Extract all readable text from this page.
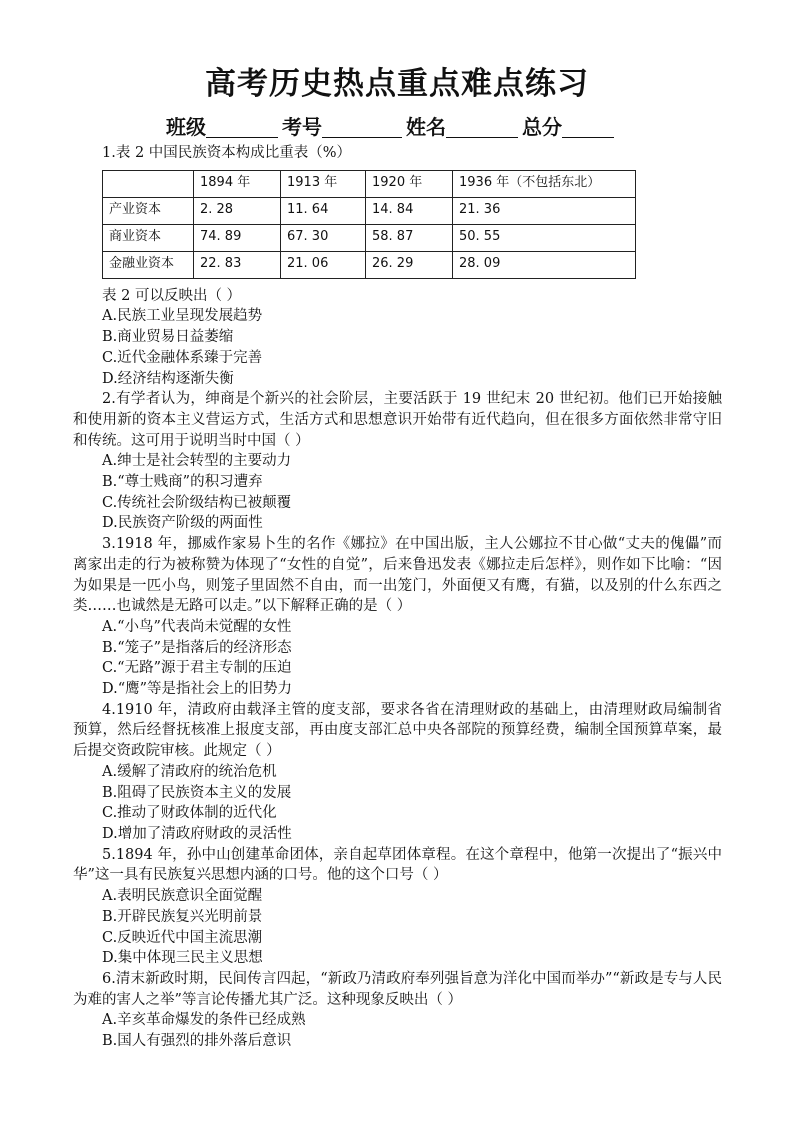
高考历史热点重点难点练习
班级	考号	姓名	总分

1.表 2 中国民族资本构成比重表（%）

	1894 年	1913 年	1920 年	1936 年（不包括东北）
产业资本	2. 28	11. 64	14. 84	21. 36
商业资本	74. 89	67. 30	58. 87	50. 55
金融业资本	22. 83	21. 06	26. 29	28. 09

表 2 可以反映出（ ）

A.民族工业呈现发展趋势

B.商业贸易日益萎缩

C.近代金融体系臻于完善

D.经济结构逐渐失衡

2.有学者认为，绅商是个新兴的社会阶层，主要活跃于 19 世纪末 20 世纪初。他们已开始接触和使用新的资本主义营运方式，生活方式和思想意识开始带有近代趋向，但在很多方面依然非常守旧和传统。这可用于说明当时中国（ ）

A.绅士是社会转型的主要动力

B.“尊士贱商”的积习遭弃

C.传统社会阶级结构已被颠覆

D.民族资产阶级的两面性

3.1918 年，挪威作家易卜生的名作《娜拉》在中国出版，主人公娜拉不甘心做“丈夫的傀儡”而离家出走的行为被称赞为体现了“女性的自觉”，后来鲁迅发表《娜拉走后怎样》，则作如下比喻：“因为如果是一匹小鸟，则笼子里固然不自由，而一出笼门，外面便又有鹰，有猫，以及别的什么东西之类……也诚然是无路可以走。”以下解释正确的是（ ）

A.“小鸟”代表尚未觉醒的女性

B.“笼子”是指落后的经济形态

C.“无路”源于君主专制的压迫

D.“鹰”等是指社会上的旧势力

4.1910 年，清政府由载泽主管的度支部，要求各省在清理财政的基础上，由清理财政局编制省预算，然后经督抚核准上报度支部，再由度支部汇总中央各部院的预算经费，编制全国预算草案，最后提交资政院审核。此规定（ ）

A.缓解了清政府的统治危机

B.阻碍了民族资本主义的发展

C.推动了财政体制的近代化

D.增加了清政府财政的灵活性

5.1894 年，孙中山创建革命团体，亲自起草团体章程。在这个章程中，他第一次提出了“振兴中华”这一具有民族复兴思想内涵的口号。他的这个口号（ ）

A.表明民族意识全面觉醒

B.开辟民族复兴光明前景

C.反映近代中国主流思潮

D.集中体现三民主义思想

6.清末新政时期，民间传言四起，“新政乃清政府奉列强旨意为洋化中国而举办”“新政是专与人民为难的害人之举”等言论传播尤其广泛。这种现象反映出（ ）

A.辛亥革命爆发的条件已经成熟

B.国人有强烈的排外落后意识
